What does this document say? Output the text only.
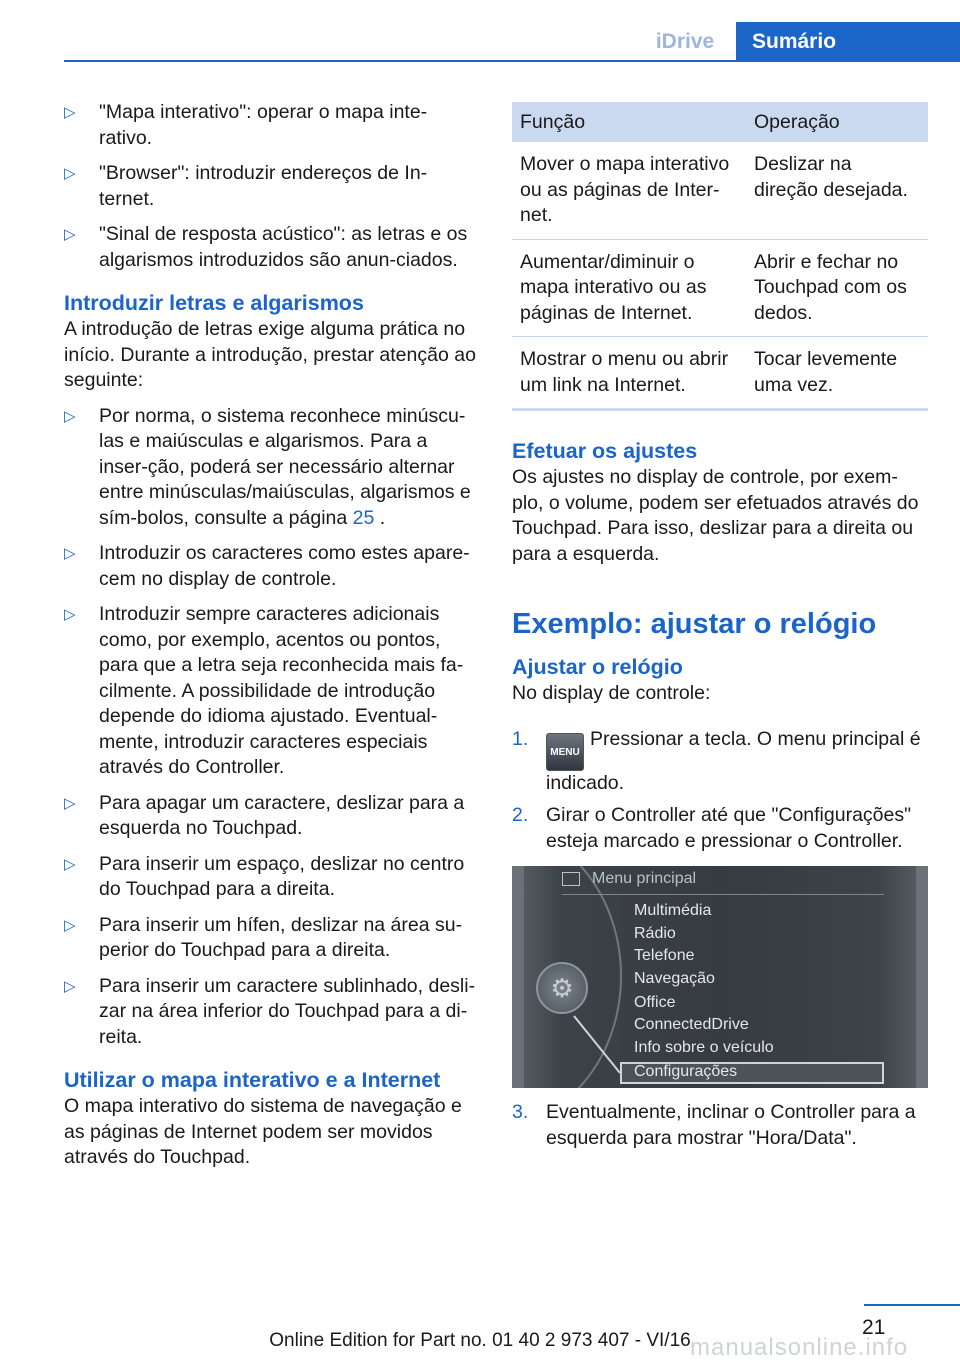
iDrive	Sumário
▷ "Mapa interativo": operar o mapa inte-rativo.
▷ "Browser": introduzir endereços de In-ternet.
▷ "Sinal de resposta acústico": as letras e os algarismos introduzidos são anun-ciados.
Introduzir letras e algarismos

A introdução de letras exige alguma prática no início. Durante a introdução, prestar atenção ao seguinte:

▷ Por norma, o sistema reconhece minúscu-las e maiúsculas e algarismos. Para a inser-ção, poderá ser necessário alternar entre minúsculas/maiúsculas, algarismos e sím-bolos, consulte a página 25 .
▷ Introduzir os caracteres como estes apare-cem no display de controle.
▷ Introduzir sempre caracteres adicionais como, por exemplo, acentos ou pontos, para que a letra seja reconhecida mais fa-cilmente. A possibilidade de introdução depende do idioma ajustado. Eventual-mente, introduzir caracteres especiais através do Controller.
▷ Para apagar um caractere, deslizar para a esquerda no Touchpad.
▷ Para inserir um espaço, deslizar no centro do Touchpad para a direita.
▷ Para inserir um hífen, deslizar na área su-perior do Touchpad para a direita.
▷ Para inserir um caractere sublinhado, desli-zar na área inferior do Touchpad para a di-reita.
Utilizar o mapa interativo e a Internet

O mapa interativo do sistema de navegação e as páginas de Internet podem ser movidos através do Touchpad.

Função	Operação
Mover o mapa interativo ou as páginas de Inter-net.	Deslizar na direção desejada.
Aumentar/diminuir o mapa interativo ou as páginas de Internet.	Abrir e fechar no Touchpad com os dedos.
Mostrar o menu ou abrir um link na Internet.	Tocar levemente uma vez.
Efetuar os ajustes

Os ajustes no display de controle, por exem-plo, o volume, podem ser efetuados através do Touchpad. Para isso, deslizar para a direita ou para a esquerda.

Exemplo: ajustar o relógio
Ajustar o relógio

No display de controle:

1.
MENUPressionar a tecla. O menu principal é indicado.
2. Girar o Controller até que "Configurações" esteja marcado e pressionar o Controller.
Menu principal
⚙
Multimédia
Rádio
Telefone
Navegação
Office
ConnectedDrive
Info sobre o veículo
Configurações
3. Eventualmente, inclinar o Controller para a esquerda para mostrar "Hora/Data".
21
manualsonline.info
Online Edition for Part no. 01 40 2 973 407 - VI/16
